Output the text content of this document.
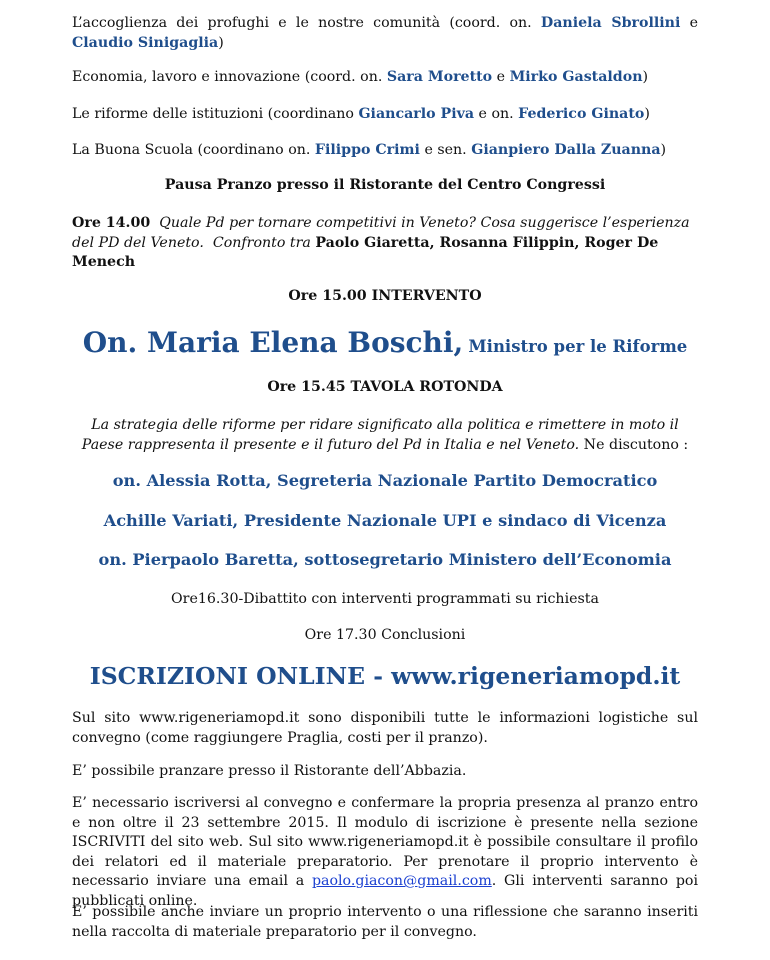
L’accoglienza dei profughi e le nostre comunità (coord. on. Daniela Sbrollini e Claudio Sinigaglia)

Economia, lavoro e innovazione (coord. on. Sara Moretto e Mirko Gastaldon)

Le riforme delle istituzioni (coordinano Giancarlo Piva e on. Federico Ginato)

La Buona Scuola (coordinano on. Filippo Crimi e sen. Gianpiero Dalla Zuanna)

Pausa Pranzo presso il Ristorante del Centro Congressi

Ore 14.00 Quale Pd per tornare competitivi in Veneto? Cosa suggerisce l’esperienza del PD del Veneto. Confronto tra Paolo Giaretta, Rosanna Filippin, Roger De Menech

Ore 15.00 INTERVENTO

On. Maria Elena Boschi, Ministro per le Riforme

Ore 15.45 TAVOLA ROTONDA

La strategia delle riforme per ridare significato alla politica e rimettere in moto il Paese rappresenta il presente e il futuro del Pd in Italia e nel Veneto. Ne discutono :

on. Alessia Rotta, Segreteria Nazionale Partito Democratico
Achille Variati, Presidente Nazionale UPI e sindaco di Vicenza
on. Pierpaolo Baretta, sottosegretario Ministero dell’Economia

Ore16.30-Dibattito con interventi programmati su richiesta

Ore 17.30 Conclusioni

ISCRIZIONI ONLINE - www.rigeneriamopd.it

Sul sito www.rigeneriamopd.it sono disponibili tutte le informazioni logistiche sul convegno (come raggiungere Praglia, costi per il pranzo).

E’ possibile pranzare presso il Ristorante dell’Abbazia.

E’ necessario iscriversi al convegno e confermare la propria presenza al pranzo entro e non oltre il 23 settembre 2015. Il modulo di iscrizione è presente nella sezione ISCRIVITI del sito web. Sul sito www.rigeneriamopd.it è possibile consultare il profilo dei relatori ed il materiale preparatorio. Per prenotare il proprio intervento è necessario inviare una email a paolo.giacon@gmail.com. Gli interventi saranno poi pubblicati online.

E’ possibile anche inviare un proprio intervento o una riflessione che saranno inseriti nella raccolta di materiale preparatorio per il convegno.
